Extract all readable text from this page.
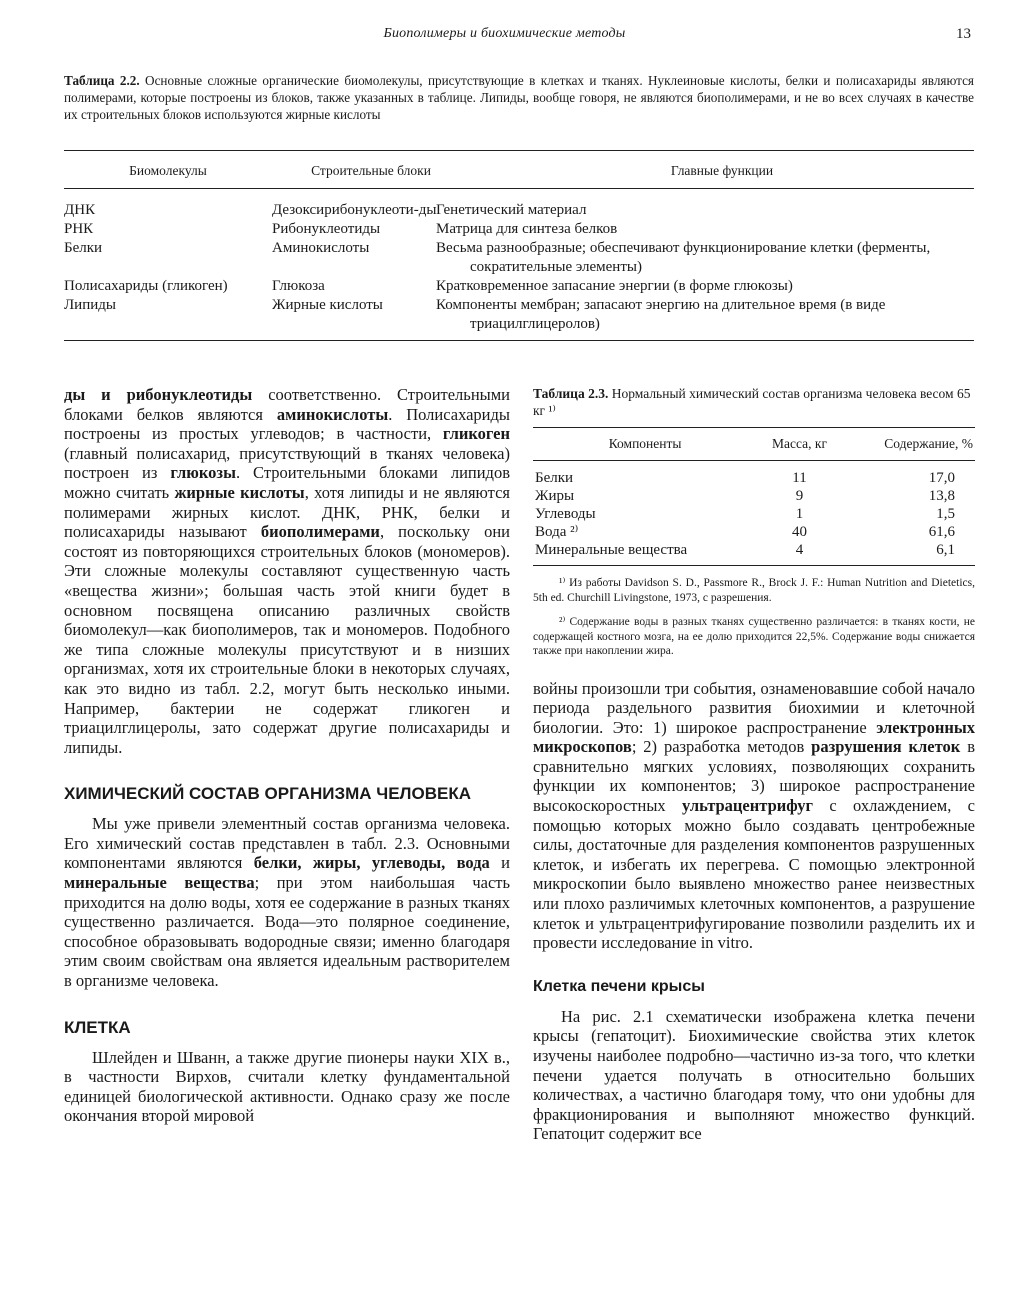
Биополимеры и биохимические методы	13
Таблица 2.2. Основные сложные органические биомолекулы, присутствующие в клетках и тканях. Нуклеиновые кислоты, белки и полисахариды являются полимерами, которые построены из блоков, также указанных в таблице. Липиды, вообще говоря, не являются биополимерами, и не во всех случаях в качестве их строительных блоков используются жирные кислоты
Биомолекулы	Строительные блоки	Главные функции
ДНК	Дезоксирибонуклеоти-ды	Генетический материал
РНК	Рибонуклеотиды	Матрица для синтеза белков
Белки	Аминокислоты	Весьма разнообразные; обеспечивают функционирование клетки (ферменты, сократительные элементы)
Полисахариды (гликоген)	Глюкоза	Кратковременное запасание энергии (в форме глюкозы)
Липиды	Жирные кислоты	Компоненты мембран; запасают энергию на длительное время (в виде триацилглицеролов)

ды и рибонуклеотиды соответственно. Строительными блоками белков являются аминокислоты. Полисахариды построены из простых углеводов; в частности, гликоген (главный полисахарид, присутствующий в тканях человека) построен из глюкозы. Строительными блоками липидов можно считать жирные кислоты, хотя липиды и не являются полимерами жирных кислот. ДНК, РНК, белки и полисахариды называют биополимерами, поскольку они состоят из повторяющихся строительных блоков (мономеров). Эти сложные молекулы составляют существенную часть «вещества жизни»; большая часть этой книги будет в основном посвящена описанию различных свойств биомолекул—как биополимеров, так и мономеров. Подобного же типа сложные молекулы присутствуют и в низших организмах, хотя их строительные блоки в некоторых случаях, как это видно из табл. 2.2, могут быть несколько иными. Например, бактерии не содержат гликоген и триацилглицеролы, зато содержат другие полисахариды и липиды.

ХИМИЧЕСКИЙ СОСТАВ ОРГАНИЗМА ЧЕЛОВЕКА

Мы уже привели элементный состав организма человека. Его химический состав представлен в табл. 2.3. Основными компонентами являются белки, жиры, углеводы, вода и минеральные вещества; при этом наибольшая часть приходится на долю воды, хотя ее содержание в разных тканях существенно различается. Вода—это полярное соединение, способное образовывать водородные связи; именно благодаря этим своим свойствам она является идеальным растворителем в организме человека.

КЛЕТКА

Шлейден и Шванн, а также другие пионеры науки XIX в., в частности Вирхов, считали клетку фундаментальной единицей биологической активности. Однако сразу же после окончания второй мировой

Таблица 2.3. Нормальный химический состав организма человека весом 65 кг ¹⁾
Компоненты	Масса, кг	Содержание, %
Белки	11	17,0
Жиры	9	13,8
Углеводы	1	1,5
Вода ²⁾	40	61,6
Минеральные вещества	4	6,1
¹⁾ Из работы Davidson S. D., Passmore R., Brock J. F.: Human Nutrition and Dietetics, 5th ed. Churchill Livingstone, 1973, с разрешения.
²⁾ Содержание воды в разных тканях существенно различается: в тканях кости, не содержащей костного мозга, на ее долю приходится 22,5%. Содержание воды снижается также при накоплении жира.

войны произошли три события, ознаменовавшие собой начало периода раздельного развития биохимии и клеточной биологии. Это: 1) широкое распространение электронных микроскопов; 2) разработка методов разрушения клеток в сравнительно мягких условиях, позволяющих сохранить функции их компонентов; 3) широкое распространение высокоскоростных ультрацентрифуг с охлаждением, с помощью которых можно было создавать центробежные силы, достаточные для разделения компонентов разрушенных клеток, и избегать их перегрева. С помощью электронной микроскопии было выявлено множество ранее неизвестных или плохо различимых клеточных компонентов, а разрушение клеток и ультрацентрифугирование позволили разделить их и провести исследование in vitro.

Клетка печени крысы

На рис. 2.1 схематически изображена клетка печени крысы (гепатоцит). Биохимические свойства этих клеток изучены наиболее подробно—частично из-за того, что клетки печени удается получать в относительно больших количествах, а частично благодаря тому, что они удобны для фракционирования и выполняют множество функций. Гепатоцит содержит все
